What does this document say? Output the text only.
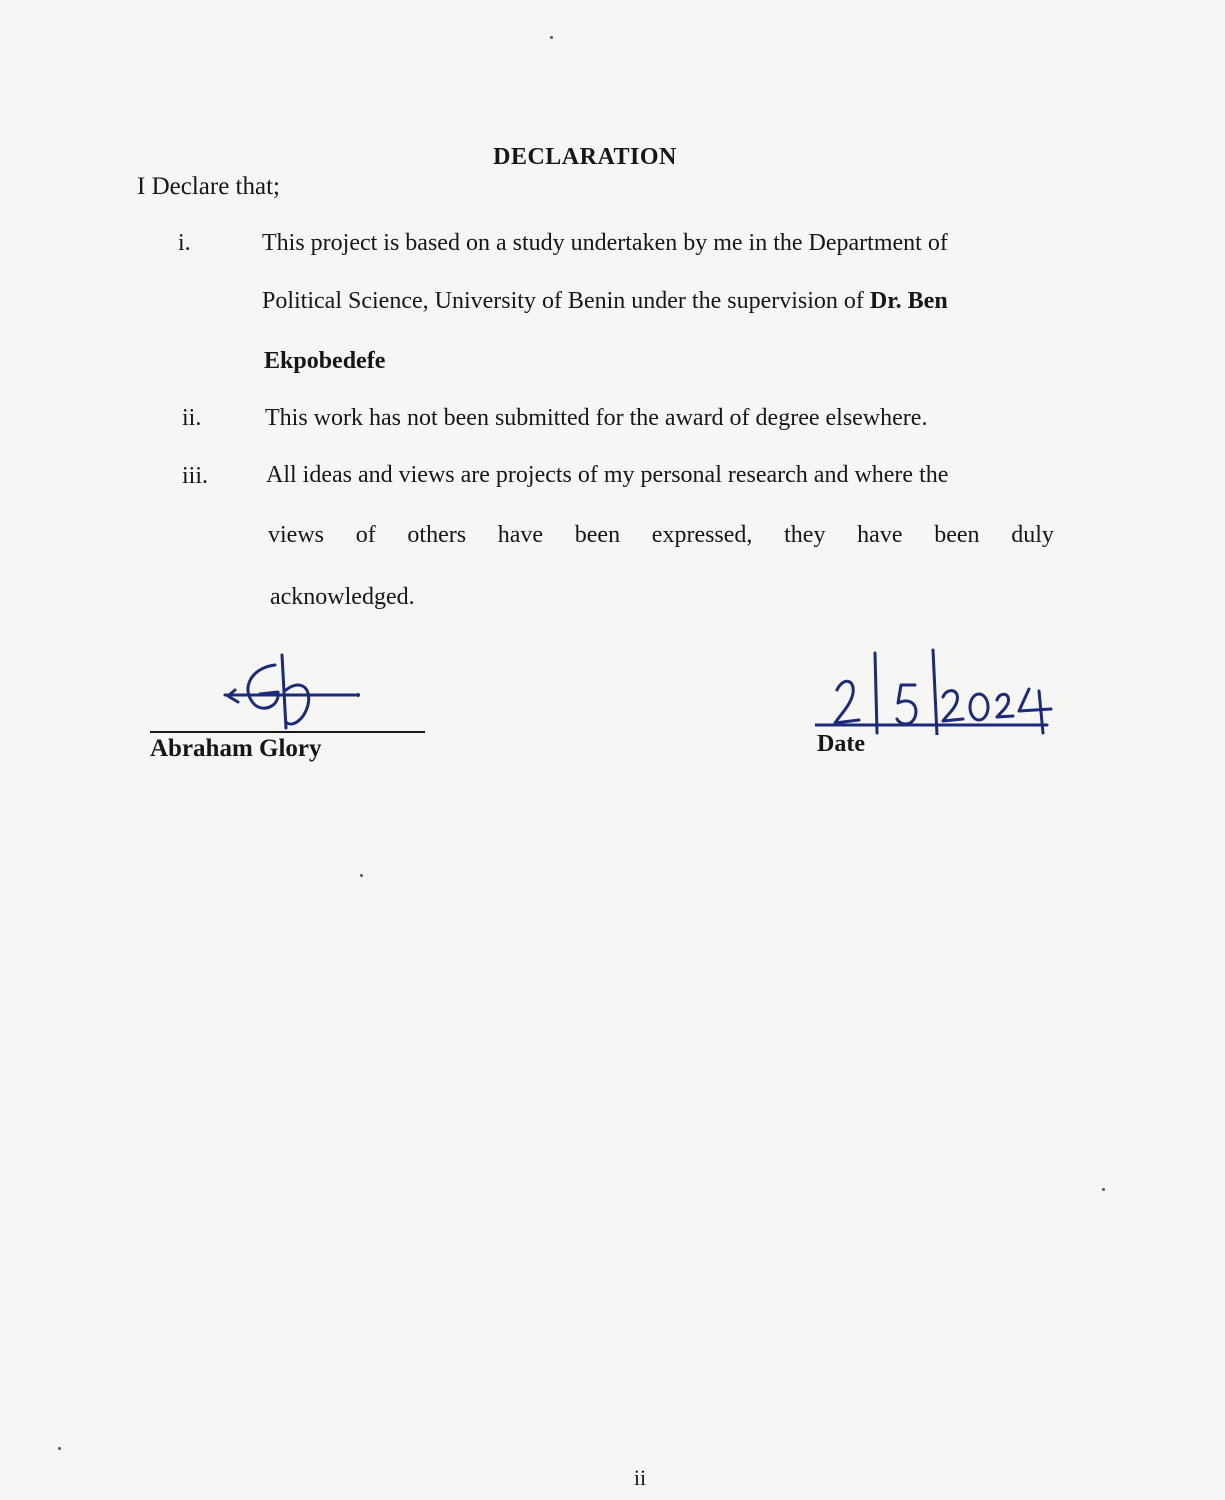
DECLARATION
I Declare that;
i.	This project is based on a study undertaken by me in the Department of
Political Science, University of Benin under the supervision of Dr. Ben
Ekpobedefe
ii.	This work has not been submitted for the award of degree elsewhere.
iii. All ideas and views are projects of my personal research and where the
views of others have been expressed, they have been duly
acknowledged.
Abraham Glory	Date
ii
